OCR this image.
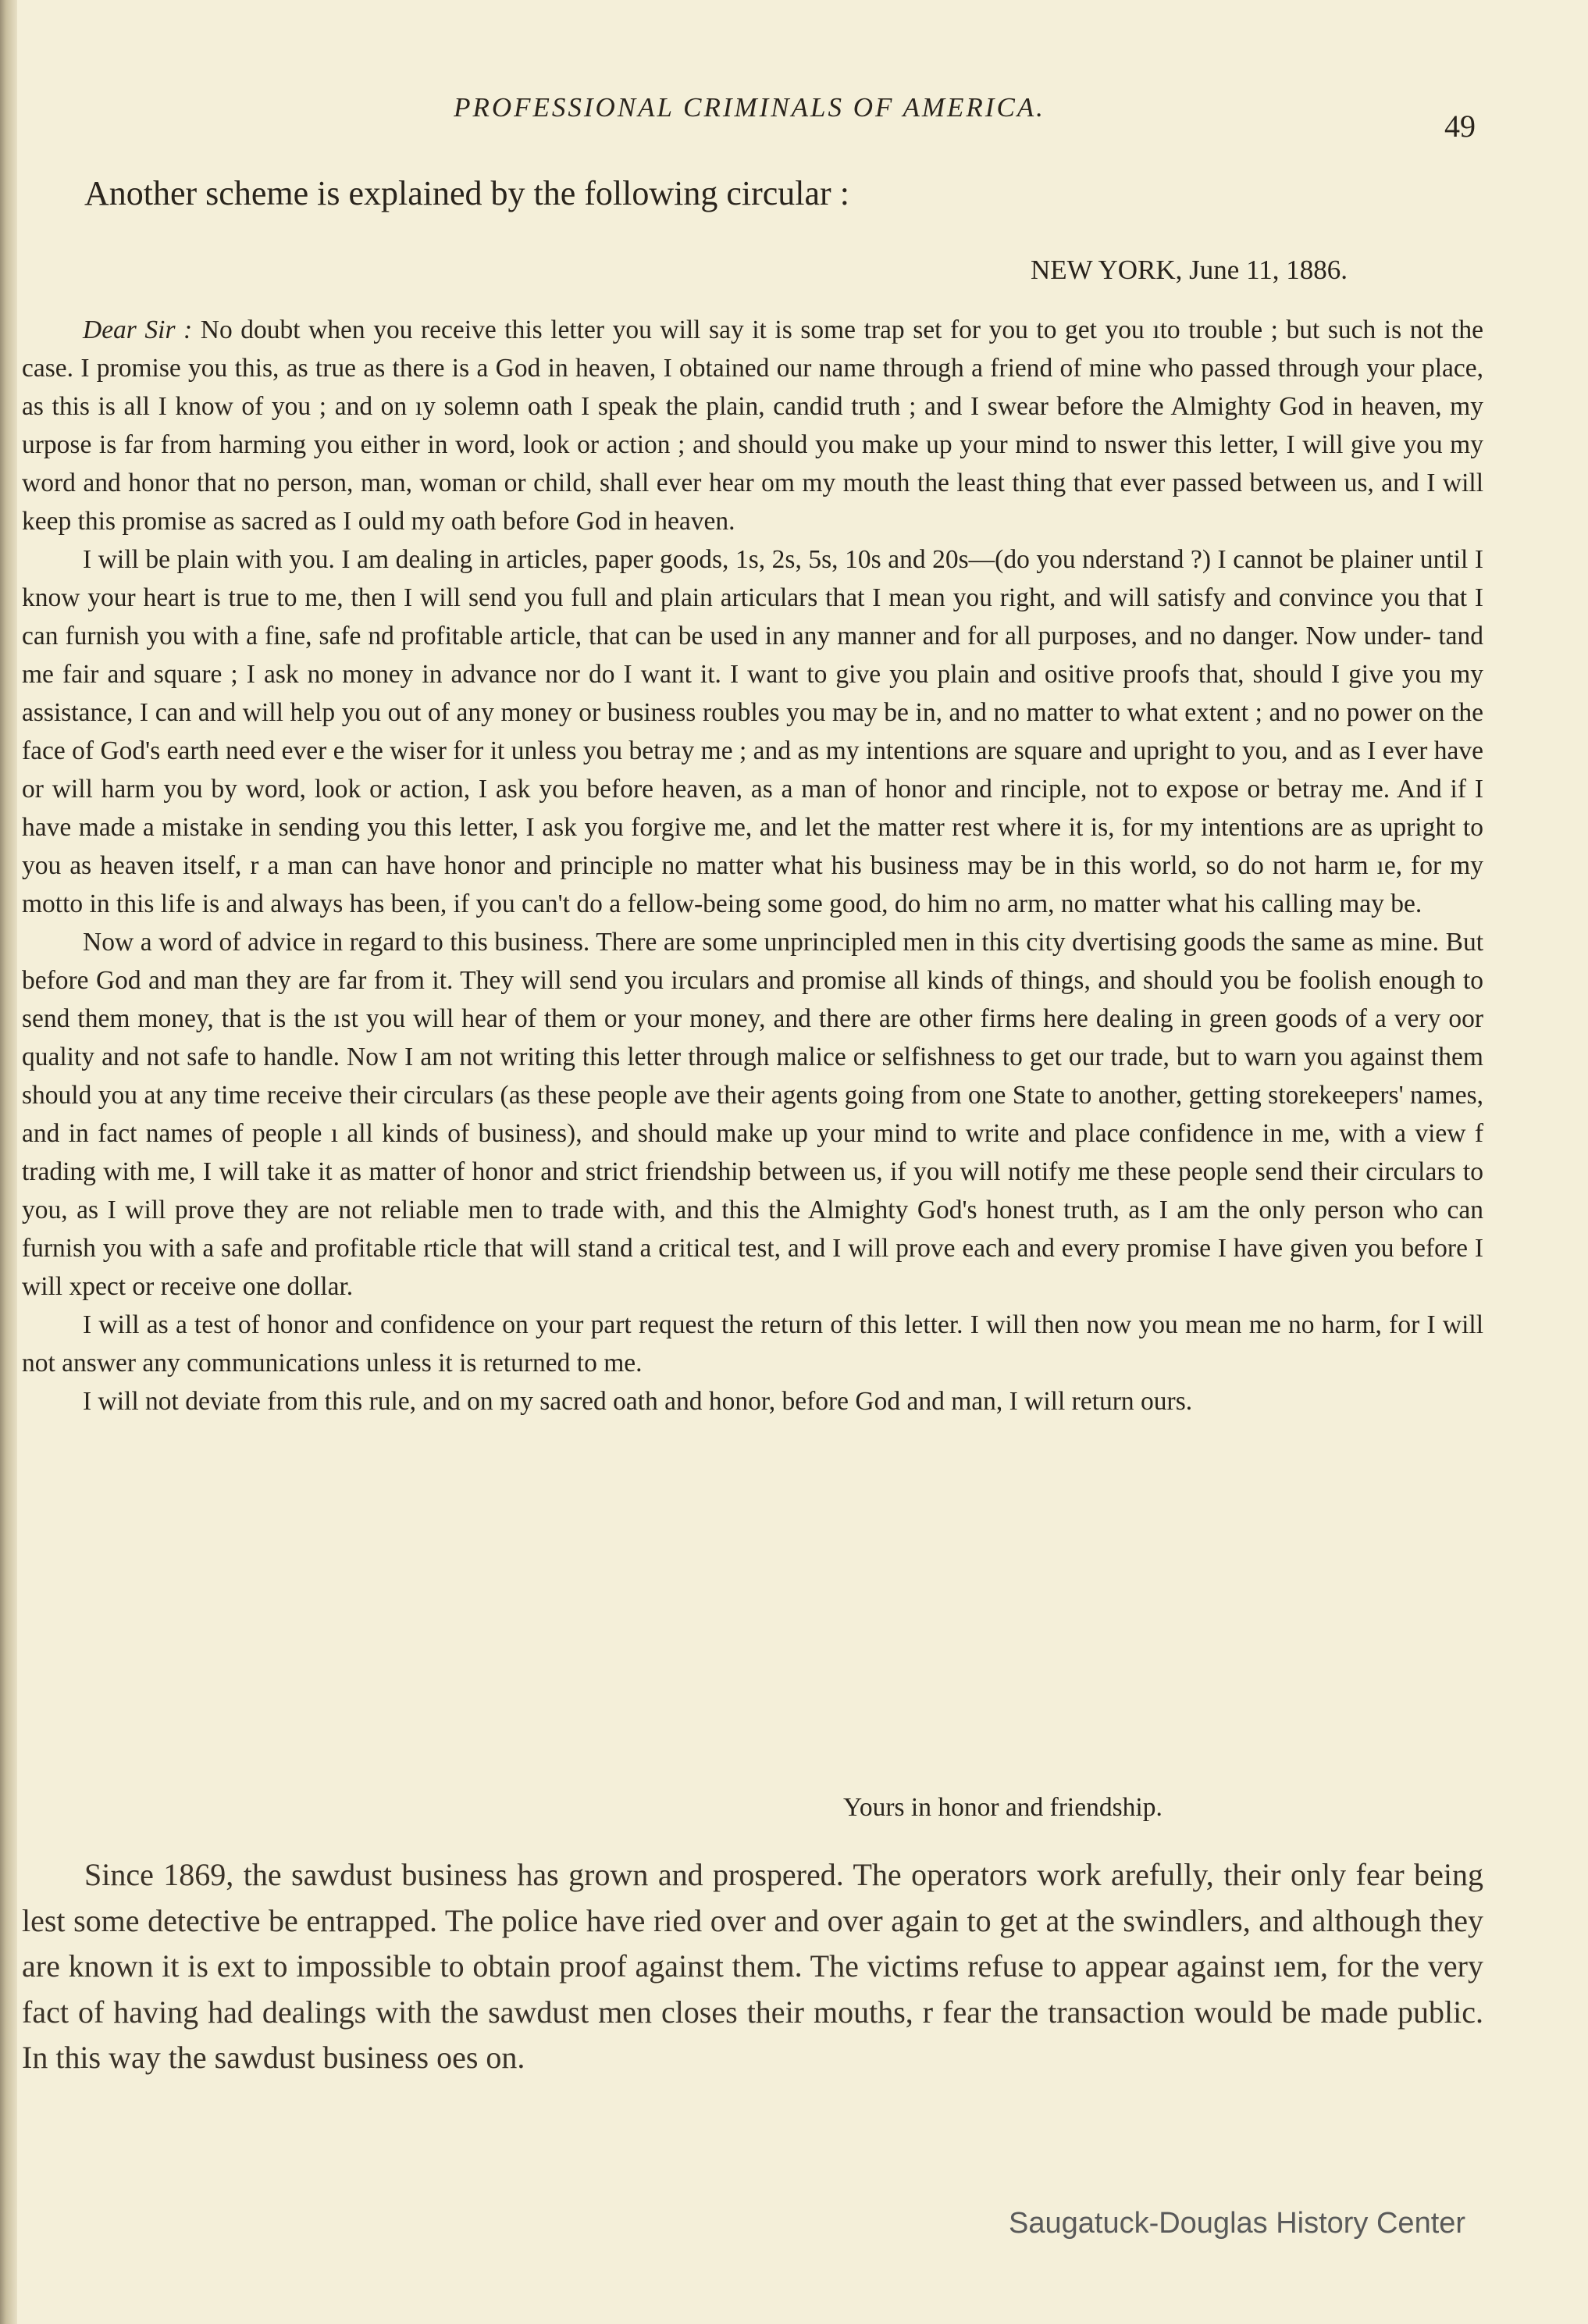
PROFESSIONAL CRIMINALS OF AMERICA.
49
Another scheme is explained by the following circular :
NEW YORK, June 11, 1886.

Dear Sir : No doubt when you receive this letter you will say it is some trap set for you to get you ıto trouble ; but such is not the case. I promise you this, as true as there is a God in heaven, I obtained our name through a friend of mine who passed through your place, as this is all I know of you ; and on ıy solemn oath I speak the plain, candid truth ; and I swear before the Almighty God in heaven, my urpose is far from harming you either in word, look or action ; and should you make up your mind to nswer this letter, I will give you my word and honor that no person, man, woman or child, shall ever hear om my mouth the least thing that ever passed between us, and I will keep this promise as sacred as I ould my oath before God in heaven.

I will be plain with you. I am dealing in articles, paper goods, 1s, 2s, 5s, 10s and 20s—(do you nderstand ?) I cannot be plainer until I know your heart is true to me, then I will send you full and plain articulars that I mean you right, and will satisfy and convince you that I can furnish you with a fine, safe nd profitable article, that can be used in any manner and for all purposes, and no danger. Now under- tand me fair and square ; I ask no money in advance nor do I want it. I want to give you plain and ositive proofs that, should I give you my assistance, I can and will help you out of any money or business roubles you may be in, and no matter to what extent ; and no power on the face of God's earth need ever e the wiser for it unless you betray me ; and as my intentions are square and upright to you, and as I ever have or will harm you by word, look or action, I ask you before heaven, as a man of honor and rinciple, not to expose or betray me. And if I have made a mistake in sending you this letter, I ask you forgive me, and let the matter rest where it is, for my intentions are as upright to you as heaven itself, r a man can have honor and principle no matter what his business may be in this world, so do not harm ıe, for my motto in this life is and always has been, if you can't do a fellow-being some good, do him no arm, no matter what his calling may be.

Now a word of advice in regard to this business. There are some unprincipled men in this city dvertising goods the same as mine. But before God and man they are far from it. They will send you irculars and promise all kinds of things, and should you be foolish enough to send them money, that is the ıst you will hear of them or your money, and there are other firms here dealing in green goods of a very oor quality and not safe to handle. Now I am not writing this letter through malice or selfishness to get our trade, but to warn you against them should you at any time receive their circulars (as these people ave their agents going from one State to another, getting storekeepers' names, and in fact names of people ı all kinds of business), and should make up your mind to write and place confidence in me, with a view f trading with me, I will take it as matter of honor and strict friendship between us, if you will notify me these people send their circulars to you, as I will prove they are not reliable men to trade with, and this the Almighty God's honest truth, as I am the only person who can furnish you with a safe and profitable rticle that will stand a critical test, and I will prove each and every promise I have given you before I will xpect or receive one dollar.

I will as a test of honor and confidence on your part request the return of this letter. I will then now you mean me no harm, for I will not answer any communications unless it is returned to me.

I will not deviate from this rule, and on my sacred oath and honor, before God and man, I will return ours.

Yours in honor and friendship.

Since 1869, the sawdust business has grown and prospered. The operators work arefully, their only fear being lest some detective be entrapped. The police have ried over and over again to get at the swindlers, and although they are known it is ext to impossible to obtain proof against them. The victims refuse to appear against ıem, for the very fact of having had dealings with the sawdust men closes their mouths, r fear the transaction would be made public. In this way the sawdust business oes on.

Saugatuck-Douglas History Center
